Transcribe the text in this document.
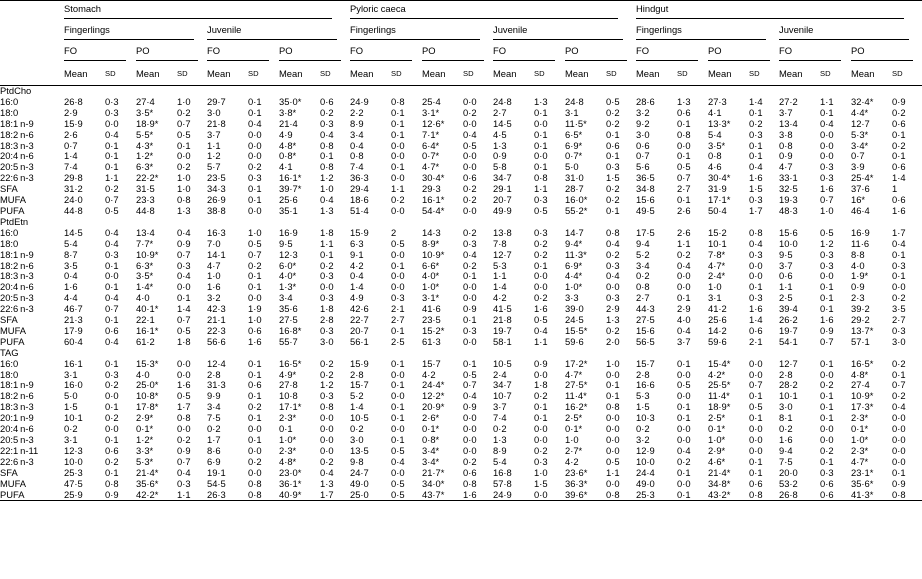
	Stomach								Pyloric caeca								Hindgut							
	Fingerlings				Juvenile				Fingerlings				Juvenile				Fingerlings				Juvenile			
	FO		PO		FO		PO		FO		PO		FO		PO		FO		PO		FO		PO	
	Mean	SD	Mean	SD	Mean	SD	Mean	SD	Mean	SD	Mean	SD	Mean	SD	Mean	SD	Mean	SD	Mean	SD	Mean	SD	Mean	SD
PtdCho																								
16:0	26·8	0·3	27·4	1·0	29·7	0·1	35·0*	0·6	24·9	0·8	25·4	0·0	24·8	1·3	24·8	0·5	28·6	1·3	27·3	1·4	27·2	1·1	32·4*	0·9
18:0	2·9	0·3	3·5*	0·2	3·0	0·1	3·8*	0·2	2·2	0·1	3·1*	0·2	2·7	0·1	3·1	0·2	3·2	0·6	4·1	0·1	3·7	0·1	4·4*	0·2
18:1 n-9	15·9	0·0	18·9*	0·7	21·8	0·4	21·4	0·3	8·9	0·1	12·6*	0·0	14·5	0·0	11·5*	0·2	9·2	0·1	13·3*	0·2	13·4	0·4	12·7	0·6
18:2 n-6	2·6	0·4	5·5*	0·5	3·7	0·0	4·9	0·4	3·4	0·1	7·1*	0·4	4·5	0·1	6·5*	0·1	3·0	0·8	5·4	0·3	3·8	0·0	5·3*	0·1
18:3 n-3	0·7	0·1	4·3*	0·1	1·1	0·0	4·8*	0·8	0·4	0·0	6·4*	0·5	1·3	0·1	6·9*	0·6	0·6	0·0	3·5*	0·1	0·8	0·0	3·4*	0·2
20:4 n-6	1·4	0·1	1·2*	0·0	1·2	0·0	0·8*	0·1	0·8	0·0	0·7*	0·0	0·9	0·0	0·7*	0·1	0·7	0·1	0·8	0·1	0·9	0·0	0·7	0·1
20:5 n-3	7·4	0·1	6·3*	0·2	5·7	0·2	4·1	0·8	7·4	0·1	4·7*	0·0	5·8	0·1	5·0	0·3	5·6	0·5	4·6	0·4	4·7	0·3	3·9	0·6
22:6 n-3	29·8	1·1	22·2*	1·0	23·5	0·3	16·1*	1·2	36·3	0·0	30·4*	0·6	34·7	0·8	31·0	1·5	36·5	0·7	30·4*	1·6	33·1	0·3	25·4*	1·4
SFA	31·2	0·2	31·5	1·0	34·3	0·1	39·7*	1·0	29·4	1·1	29·3	0·2	29·1	1·1	28·7	0·2	34·8	2·7	31·9	1·5	32·5	1·6	37·6	1
MUFA	24·0	0·7	23·3	0·8	26·9	0·1	25·6	0·4	18·6	0·2	16·1*	0·2	20·7	0·3	16·0*	0·2	15·6	0·1	17·1*	0·3	19·3	0·7	16*	0·6
PUFA	44·8	0·5	44·8	1·3	38·8	0·0	35·1	1·3	51·4	0·0	54·4*	0·0	49·9	0·5	55·2*	0·1	49·5	2·6	50·4	1·7	48·3	1·0	46·4	1·6
PtdEtn																								
16:0	14·5	0·4	13·4	0·4	16·3	1·0	16·9	1·8	15·9	2	14·3	0·2	13·8	0·3	14·7	0·8	17·5	2·6	15·2	0·8	15·6	0·5	16·9	1·7
18:0	5·4	0·4	7·7*	0·9	7·0	0·5	9·5	1·1	6·3	0·5	8·9*	0·3	7·8	0·2	9·4*	0·4	9·4	1·1	10·1	0·4	10·0	1·2	11·6	0·4
18:1 n-9	8·7	0·3	10·9*	0·7	14·1	0·7	12·3	0·1	9·1	0·0	10·9*	0·4	12·7	0·2	11·3*	0·2	5·2	0·2	7·8*	0·3	9·5	0·3	8·8	0·1
18:2 n-6	3·5	0·1	6·3*	0·3	4·7	0·2	6·0*	0·2	4·2	0·1	6·6*	0·2	5·3	0·1	6·9*	0·3	3·4	0·4	4·7*	0·0	3·7	0·3	4·0	0·3
18:3 n-3	0·4	0·0	3·5*	0·4	1·0	0·1	4·0*	0·3	0·4	0·0	4·0*	0·1	1·1	0·0	4·4*	0·4	0·2	0·0	2·4*	0·0	0·6	0·0	1·9*	0·1
20:4 n-6	1·6	0·1	1·4*	0·0	1·6	0·1	1·3*	0·0	1·4	0·0	1·0*	0·0	1·4	0·0	1·0*	0·0	0·8	0·0	1·0	0·1	1·1	0·1	0·9	0·0
20:5 n-3	4·4	0·4	4·0	0·1	3·2	0·0	3·4	0·3	4·9	0·3	3·1*	0·0	4·2	0·2	3·3	0·3	2·7	0·1	3·1	0·3	2·5	0·1	2·3	0·2
22:6 n-3	46·7	0·7	40·1*	1·4	42·3	1·9	35·6	1·8	42·6	2·1	41·6	0·9	41·5	1·6	39·0	2·9	44·3	2·9	41·2	1·6	39·4	0·1	39·2	3·5
SFA	21·3	0·1	22·1	0·7	21·1	1·0	27·5	2·8	22·7	2·7	23·5	0·1	21·8	0·5	24·5	1·3	27·5	4·0	25·6	1·4	26·2	1·6	29·2	2·7
MUFA	17·9	0·6	16·1*	0·5	22·3	0·6	16·8*	0·3	20·7	0·1	15·2*	0·3	19·7	0·4	15·5*	0·2	15·6	0·4	14·2	0·6	19·7	0·9	13·7*	0·3
PUFA	60·4	0·4	61·2	1·8	56·6	1·6	55·7	3·0	56·1	2·5	61·3	0·0	58·1	1·1	59·6	2·0	56·5	3·7	59·6	2·1	54·1	0·7	57·1	3·0
TAG																								
16:0	16·1	0·1	15·3*	0·0	12·4	0·1	16·5*	0·2	15·9	0·1	15·7	0·1	10·5	0·9	17·2*	1·0	15·7	0·1	15·4*	0·0	12·7	0·1	16·5*	0·2
18:0	3·1	0·3	4·0	0·0	2·8	0·1	4·9*	0·2	2·8	0·0	4·2	0·5	2·4	0·0	4·7*	0·0	2·8	0·0	4·2*	0·0	2·8	0·0	4·8*	0·1
18:1 n-9	16·0	0·2	25·0*	1·6	31·3	0·6	27·8	1·2	15·7	0·1	24·4*	0·7	34·7	1·8	27·5*	0·1	16·6	0·5	25·5*	0·7	28·2	0·2	27·4	0·7
18:2 n-6	5·0	0·0	10·8*	0·5	9·9	0·1	10·8	0·3	5·2	0·0	12·2*	0·4	10·7	0·2	11·4*	0·1	5·3	0·0	11·4*	0·1	10·1	0·1	10·9*	0·2
18:3 n-3	1·5	0·1	17·8*	1·7	3·4	0·2	17·1*	0·8	1·4	0·1	20·9*	0·9	3·7	0·1	16·2*	0·8	1·5	0·1	18·9*	0·5	3·0	0·1	17·3*	0·4
20:1 n-9	10·1	0·2	2·9*	0·8	7·5	0·1	2·3*	0·0	10·5	0·1	2·6*	0·0	7·4	0·1	2·5*	0·0	10·3	0·1	2·5*	0·1	8·1	0·1	2·3*	0·0
20:4 n-6	0·2	0·0	0·1*	0·0	0·2	0·0	0·1	0·0	0·2	0·0	0·1*	0·0	0·2	0·0	0·1*	0·0	0·2	0·0	0·1*	0·0	0·2	0·0	0·1*	0·0
20:5 n-3	3·1	0·1	1·2*	0·2	1·7	0·1	1·0*	0·0	3·0	0·1	0·8*	0·0	1·3	0·0	1·0	0·0	3·2	0·0	1·0*	0·0	1·6	0·0	1·0*	0·0
22:1 n-11	12·3	0·6	3·3*	0·9	8·6	0·0	2·3*	0·0	13·5	0·5	3·4*	0·0	8·9	0·2	2·7*	0·0	12·9	0·4	2·9*	0·0	9·4	0·2	2·3*	0·0
22:6 n-3	10·0	0·2	5·3*	0·7	6·9	0·2	4·8*	0·2	9·8	0·4	3·4*	0·2	5·4	0·3	4·2	0·5	10·0	0·2	4·6*	0·1	7·5	0·1	4·7*	0·0
SFA	25·3	0·1	21·4*	0·4	19·1	0·0	23·0*	0·4	24·7	0·0	21·7*	0·6	16·8	1·0	23·6*	1·1	24·4	0·1	21·4*	0·1	20·0	0·3	23·1*	0·1
MUFA	47·5	0·8	35·6*	0·3	54·5	0·8	36·1*	1·3	49·0	0·5	34·0*	0·8	57·8	1·5	36·3*	0·0	49·0	0·0	34·8*	0·6	53·2	0·6	35·6*	0·9
PUFA	25·9	0·9	42·2*	1·1	26·3	0·8	40·9*	1·7	25·0	0·5	43·7*	1·6	24·9	0·0	39·6*	0·8	25·3	0·1	43·2*	0·8	26·8	0·6	41·3*	0·8
